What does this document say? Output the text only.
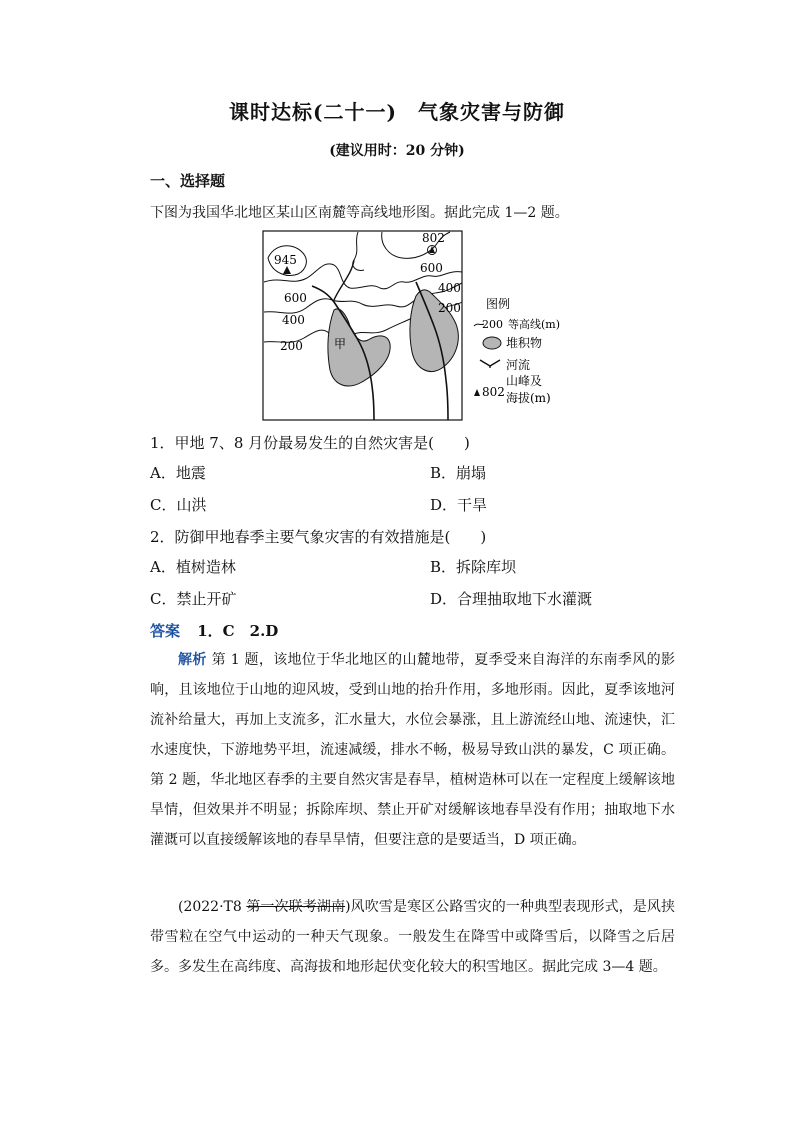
课时达标(二十一)　气象灾害与防御
(建议用时：20 分钟)
一、选择题
下图为我国华北地区某山区南麓等高线地形图。据此完成 1—2 题。
945
802
600
600
400
400
200
200	甲
图例
200 等高线(m)
堆积物
河流
802
山峰及
海拔(m)
1．甲地 7、8 月份最易发生的自然灾害是(　　)
A．地震	B．崩塌
C．山洪	D．干旱
2．防御甲地春季主要气象灾害的有效措施是(　　)
A．植树造林	B．拆除库坝
C．禁止开矿	D．合理抽取地下水灌溉
答案 1．C　2.D

解析 第 1 题，该地位于华北地区的山麓地带，夏季受来自海洋的东南季风的影响，且该地位于山地的迎风坡，受到山地的抬升作用，多地形雨。因此，夏季该地河流补给量大，再加上支流多，汇水量大，水位会暴涨，且上游流经山地、流速快，汇水速度快，下游地势平坦，流速减缓，排水不畅，极易导致山洪的暴发，C 项正确。第 2 题，华北地区春季的主要自然灾害是春旱，植树造林可以在一定程度上缓解该地旱情，但效果并不明显；拆除库坝、禁止开矿对缓解该地春旱没有作用；抽取地下水灌溉可以直接缓解该地的春旱旱情，但要注意的是要适当，D 项正确。

(2022·T8 第一次联考湖南)风吹雪是寒区公路雪灾的一种典型表现形式，是风挟带雪粒在空气中运动的一种天气现象。一般发生在降雪中或降雪后，以降雪之后居多。多发生在高纬度、高海拔和地形起伏变化较大的积雪地区。据此完成 3—4 题。
